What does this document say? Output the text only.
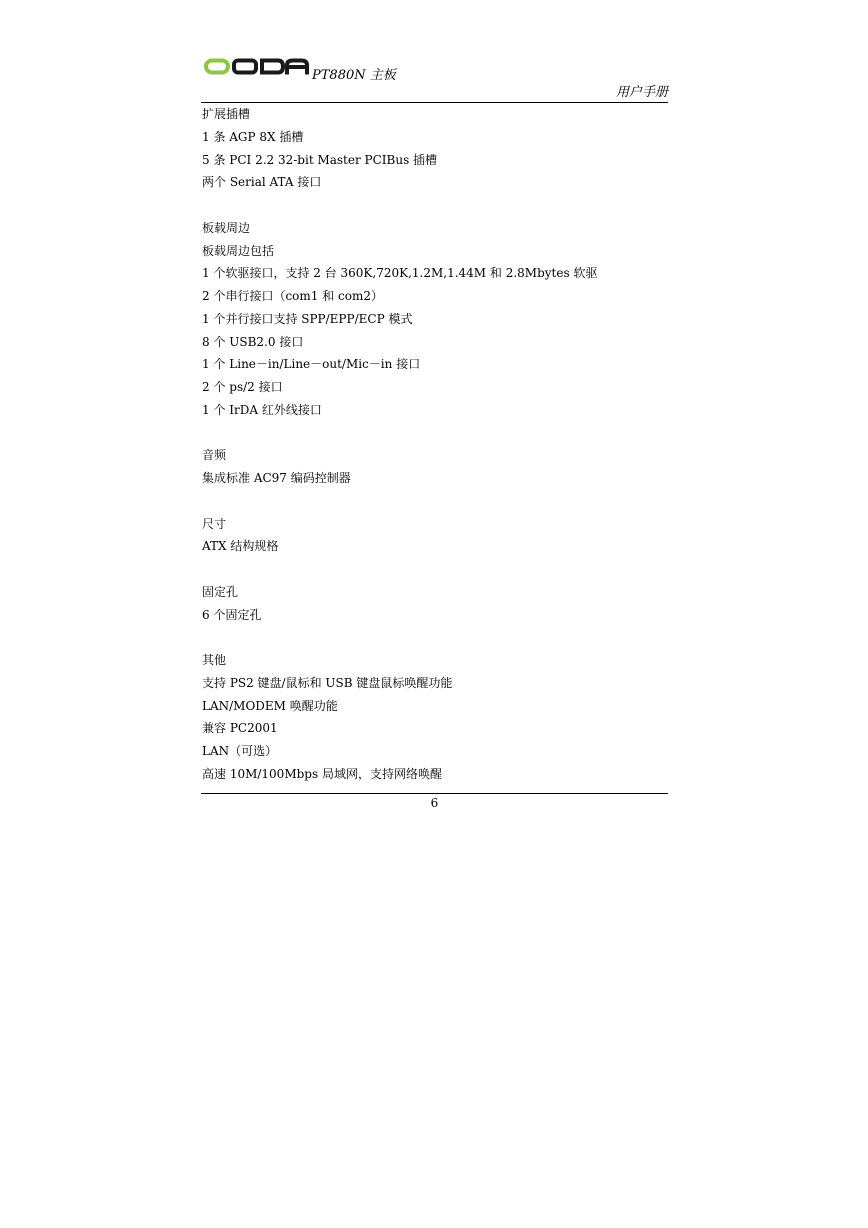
PT880N 主板
用户手册
扩展插槽
1 条 AGP 8X 插槽
5 条 PCI 2.2 32-bit Master PCIBus 插槽
两个 Serial ATA 接口
板载周边
板载周边包括
1 个软驱接口，支持 2 台 360K,720K,1.2M,1.44M 和 2.8Mbytes 软驱
2 个串行接口（com1 和 com2）
1 个并行接口支持 SPP/EPP/ECP 模式
8 个 USB2.0 接口
1 个 Line－in/Line－out/Mic－in 接口
2 个 ps/2 接口
1 个 IrDA 红外线接口
音频
集成标准 AC97 编码控制器
尺寸
ATX 结构规格
固定孔
6 个固定孔
其他
支持 PS2 键盘/鼠标和 USB 键盘鼠标唤醒功能
LAN/MODEM 唤醒功能
兼容 PC2001
LAN（可选）
高速 10M/100Mbps 局域网，支持网络唤醒
6
